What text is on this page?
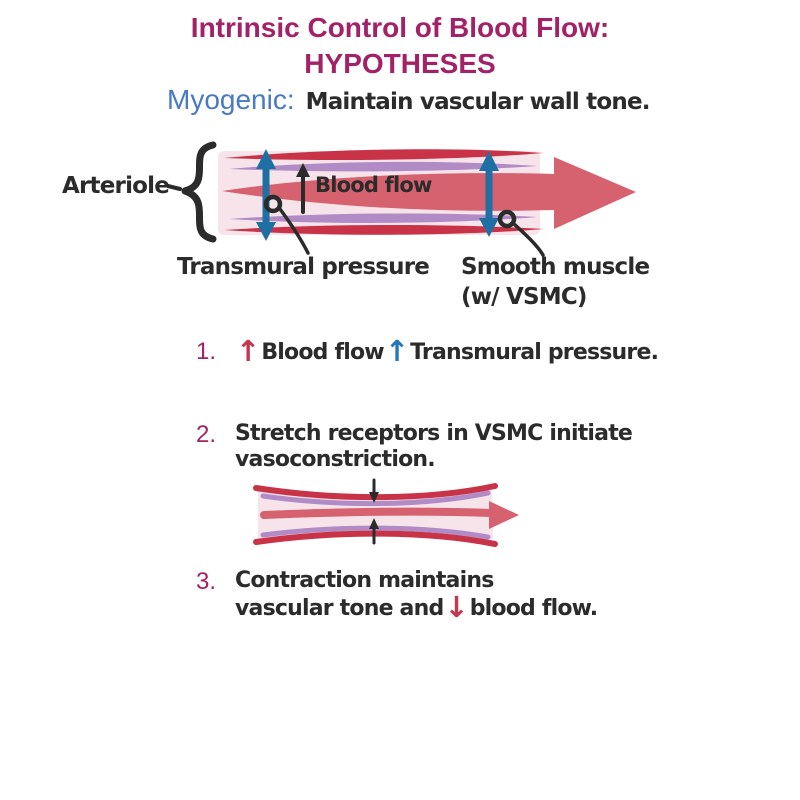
Intrinsic Control of Blood Flow:
HYPOTHESES
Myogenic: Maintain vascular wall tone.
Arteriole	Blood flow
Transmural pressure Smooth muscle
(w/ VSMC)
1. ↑ Blood flow ↑ Transmural pressure.
2. Stretch receptors in VSMC initiate
vasoconstriction.
3. Contraction maintains
vascular tone and ↓ blood flow.
